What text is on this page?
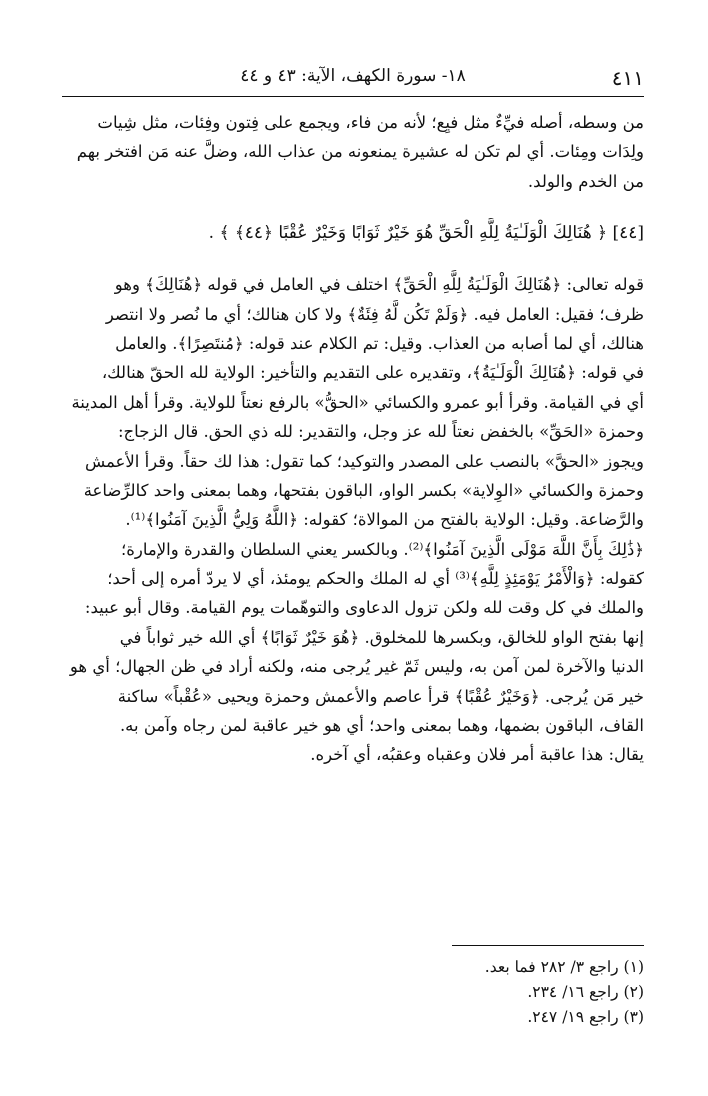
٤١١
١٨- سورة الكهف، الآية: ٤٣ و ٤٤

من وسطه، أصله فيِّءٌ مثل فيِع؛ لأنه من فاء، ويجمع على فِتون وفِئات، مثل شِيات

ولِدَات ومِئات. أي لم تكن له عشيرة يمنعونه من عذاب الله، وضلَّ عنه مَن افتخر بهم

من الخدم والولد.

[٤٤] ﴿ هُنَالِكَ الْوَلَـٰيَةُ لِلَّهِ الْحَقِّ هُوَ خَيْرٌ ثَوَابًا وَخَيْرٌ عُقْبًا ﴿٤٤﴾ ﴾ .

قوله تعالى: ﴿هُنَالِكَ الْوَلَـٰيَةُ لِلَّهِ الْحَقِّ﴾ اختلف في العامل في قوله ﴿هُنَالِكَ﴾ وهو

ظرف؛ فقيل: العامل فيه. ﴿وَلَمْ تَكُن لَّهُ فِئَةٌ﴾ ولا كان هنالك؛ أي ما نُصر ولا انتصر

هنالك، أي لما أصابه من العذاب. وقيل: تم الكلام عند قوله: ﴿مُنتَصِرًا﴾. والعامل

في قوله: ﴿هُنَالِكَ الْوَلَـٰيَةُ﴾، وتقديره على التقديم والتأخير: الولاية لله الحقّ هنالك،

أي في القيامة. وقرأ أبو عمرو والكسائي «الحقُّ» بالرفع نعتاً للولاية. وقرأ أهل المدينة

وحمزة «الحَقِّ» بالخفض نعتاً لله عز وجل، والتقدير: لله ذي الحق. قال الزجاج:

ويجوز «الحقَّ» بالنصب على المصدر والتوكيد؛ كما تقول: هذا لك حقاً. وقرأ الأعمش

وحمزة والكسائي «الوِلاية» بكسر الواو، الباقون بفتحها، وهما بمعنى واحد كالرِّضاعة

والرَّضاعة. وقيل: الولاية بالفتح من الموالاة؛ كقوله: ﴿اللَّهُ وَلِيُّ الَّذِينَ آمَنُوا﴾⁽¹⁾.

﴿ذَٰلِكَ بِأَنَّ اللَّهَ مَوْلَى الَّذِينَ آمَنُوا﴾⁽²⁾. وبالكسر يعني السلطان والقدرة والإمارة؛

كقوله: ﴿وَالْأَمْرُ يَوْمَئِذٍ لِلَّهِ﴾⁽³⁾ أي له الملك والحكم يومئذ، أي لا يردّ أمره إلى أحد؛

والملك في كل وقت لله ولكن تزول الدعاوى والتوهّمات يوم القيامة. وقال أبو عبيد:

إنها بفتح الواو للخالق، وبكسرها للمخلوق. ﴿هُوَ خَيْرٌ ثَوَابًا﴾ أي الله خير ثواباً في

الدنيا والآخرة لمن آمن به، وليس ثَمّ غير يُرجى منه، ولكنه أراد في ظن الجهال؛ أي هو

خير مَن يُرجى. ﴿وَخَيْرٌ عُقْبًا﴾ قرأ عاصم والأعمش وحمزة ويحيى «عُقْباً» ساكنة

القاف، الباقون بضمها، وهما بمعنى واحد؛ أي هو خير عاقبة لمن رجاه وآمن به.

يقال: هذا عاقبة أمر فلان وعقباه وعقبُه، أي آخره.

(١) راجع ٣/ ٢٨٢ فما بعد.

(٢) راجع ١٦/ ٢٣٤.

(٣) راجع ١٩/ ٢٤٧.
